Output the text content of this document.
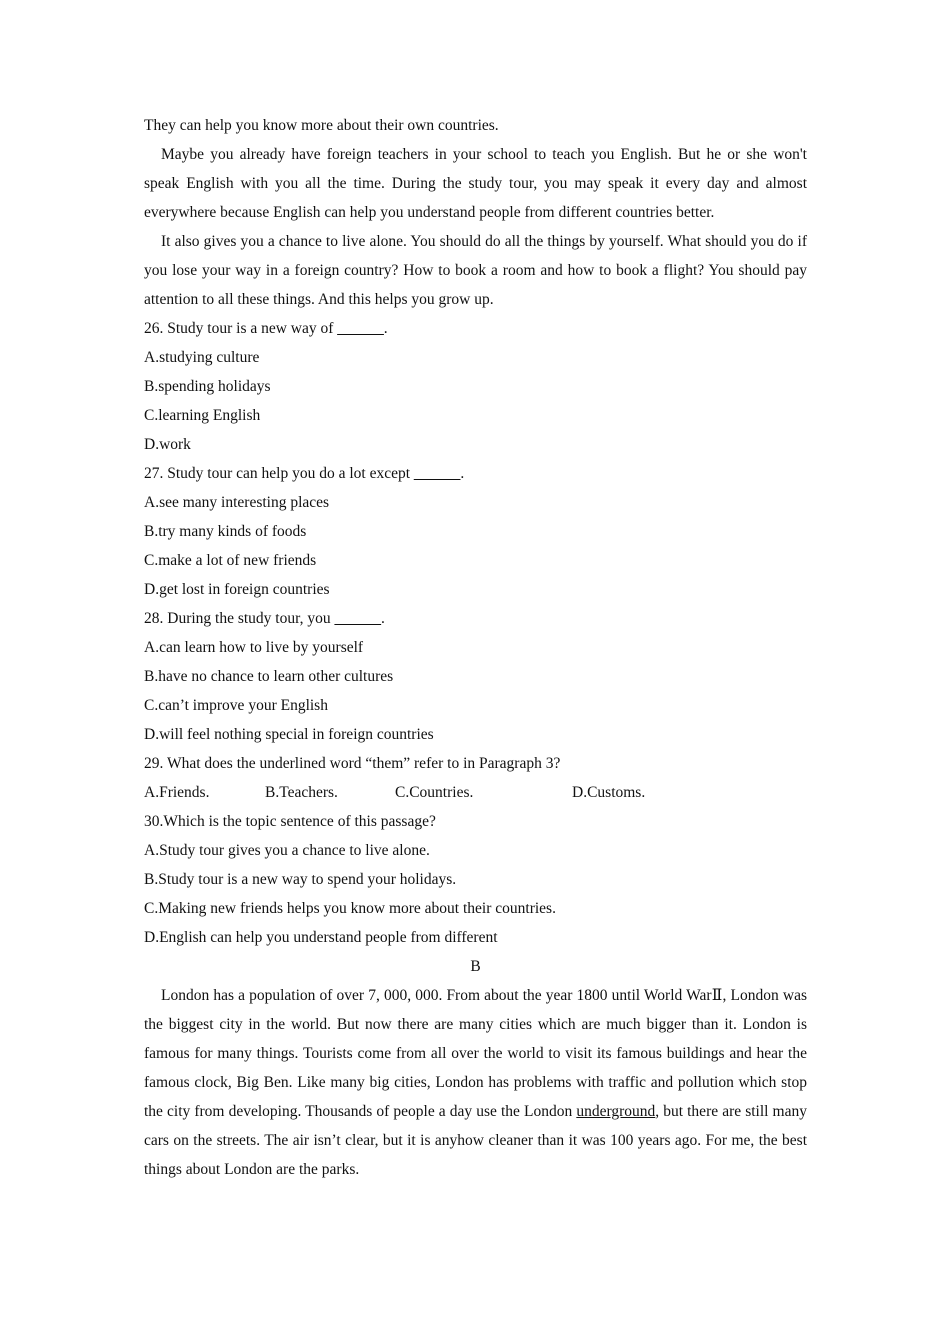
They can help you know more about their own countries.

Maybe you already have foreign teachers in your school to teach you English. But he or she won't speak English with you all the time. During the study tour, you may speak it every day and almost everywhere because English can help you understand people from different countries better.

It also gives you a chance to live alone. You should do all the things by yourself. What should you do if you lose your way in a foreign country? How to book a room and how to book a flight? You should pay attention to all these things. And this helps you grow up.

26. Study tour is a new way of ______.

A.studying culture

B.spending holidays

C.learning English

D.work

27. Study tour can help you do a lot except ______.

A.see many interesting places

B.try many kinds of foods

C.make a lot of new friends

D.get lost in foreign countries

28. During the study tour, you ______.

A.can learn how to live by yourself

B.have no chance to learn other cultures

C.can’t improve your English

D.will feel nothing special in foreign countries

29. What does the underlined word “them” refer to in Paragraph 3?

A.Friends.	B.Teachers.	C.Countries.	D.Customs.

30.Which is the topic sentence of this passage?

A.Study tour gives you a chance to live alone.

B.Study tour is a new way to spend your holidays.

C.Making new friends helps you know more about their countries.

D.English can help you understand people from different

B

London has a population of over 7, 000, 000. From about the year 1800 until World WarⅡ, London was the biggest city in the world. But now there are many cities which are much bigger than it. London is famous for many things. Tourists come from all over the world to visit its famous buildings and hear the famous clock, Big Ben. Like many big cities, London has problems with traffic and pollution which stop the city from developing. Thousands of people a day use the London underground, but there are still many cars on the streets. The air isn’t clear, but it is anyhow cleaner than it was 100 years ago. For me, the best things about London are the parks.
